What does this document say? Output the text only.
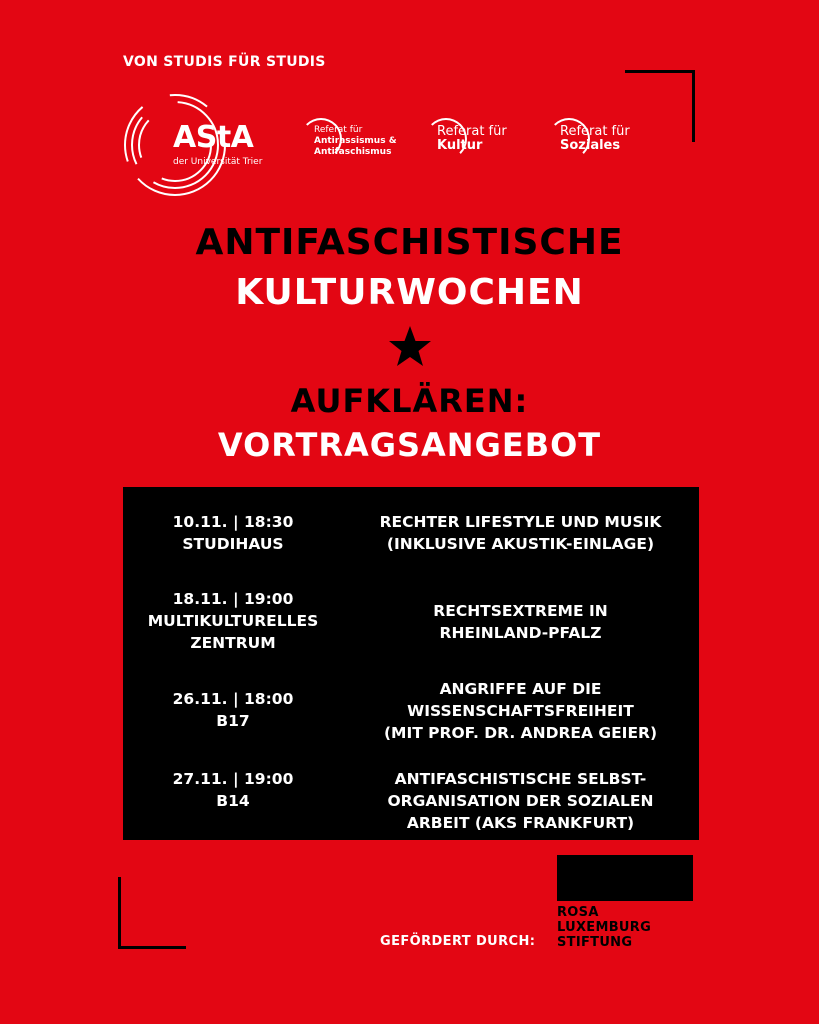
VON STUDIS FÜR STUDIS
AStA
der Universität Trier
Referat für
Antirassismus &
Antifaschismus
Referat für
Kultur
Referat für
Soziales
ANTIFASCHISTISCHE
KULTURWOCHEN
AUFKLÄREN:
VORTRAGSANGEBOT
10.11. | 18:30
STUDIHAUS
RECHTER LIFESTYLE UND MUSIK
(INKLUSIVE AKUSTIK-EINLAGE)
18.11. | 19:00
MULTIKULTURELLES
ZENTRUM
RECHTSEXTREME IN
RHEINLAND-PFALZ
26.11. | 18:00
B17
ANGRIFFE AUF DIE
WISSENSCHAFTSFREIHEIT
(MIT PROF. DR. ANDREA GEIER)
27.11. | 19:00
B14
ANTIFASCHISTISCHE SELBST-
ORGANISATION DER SOZIALEN
ARBEIT (AKS FRANKFURT)
GEFÖRDERT DURCH:
ROSA
LUXEMBURG
STIFTUNG
